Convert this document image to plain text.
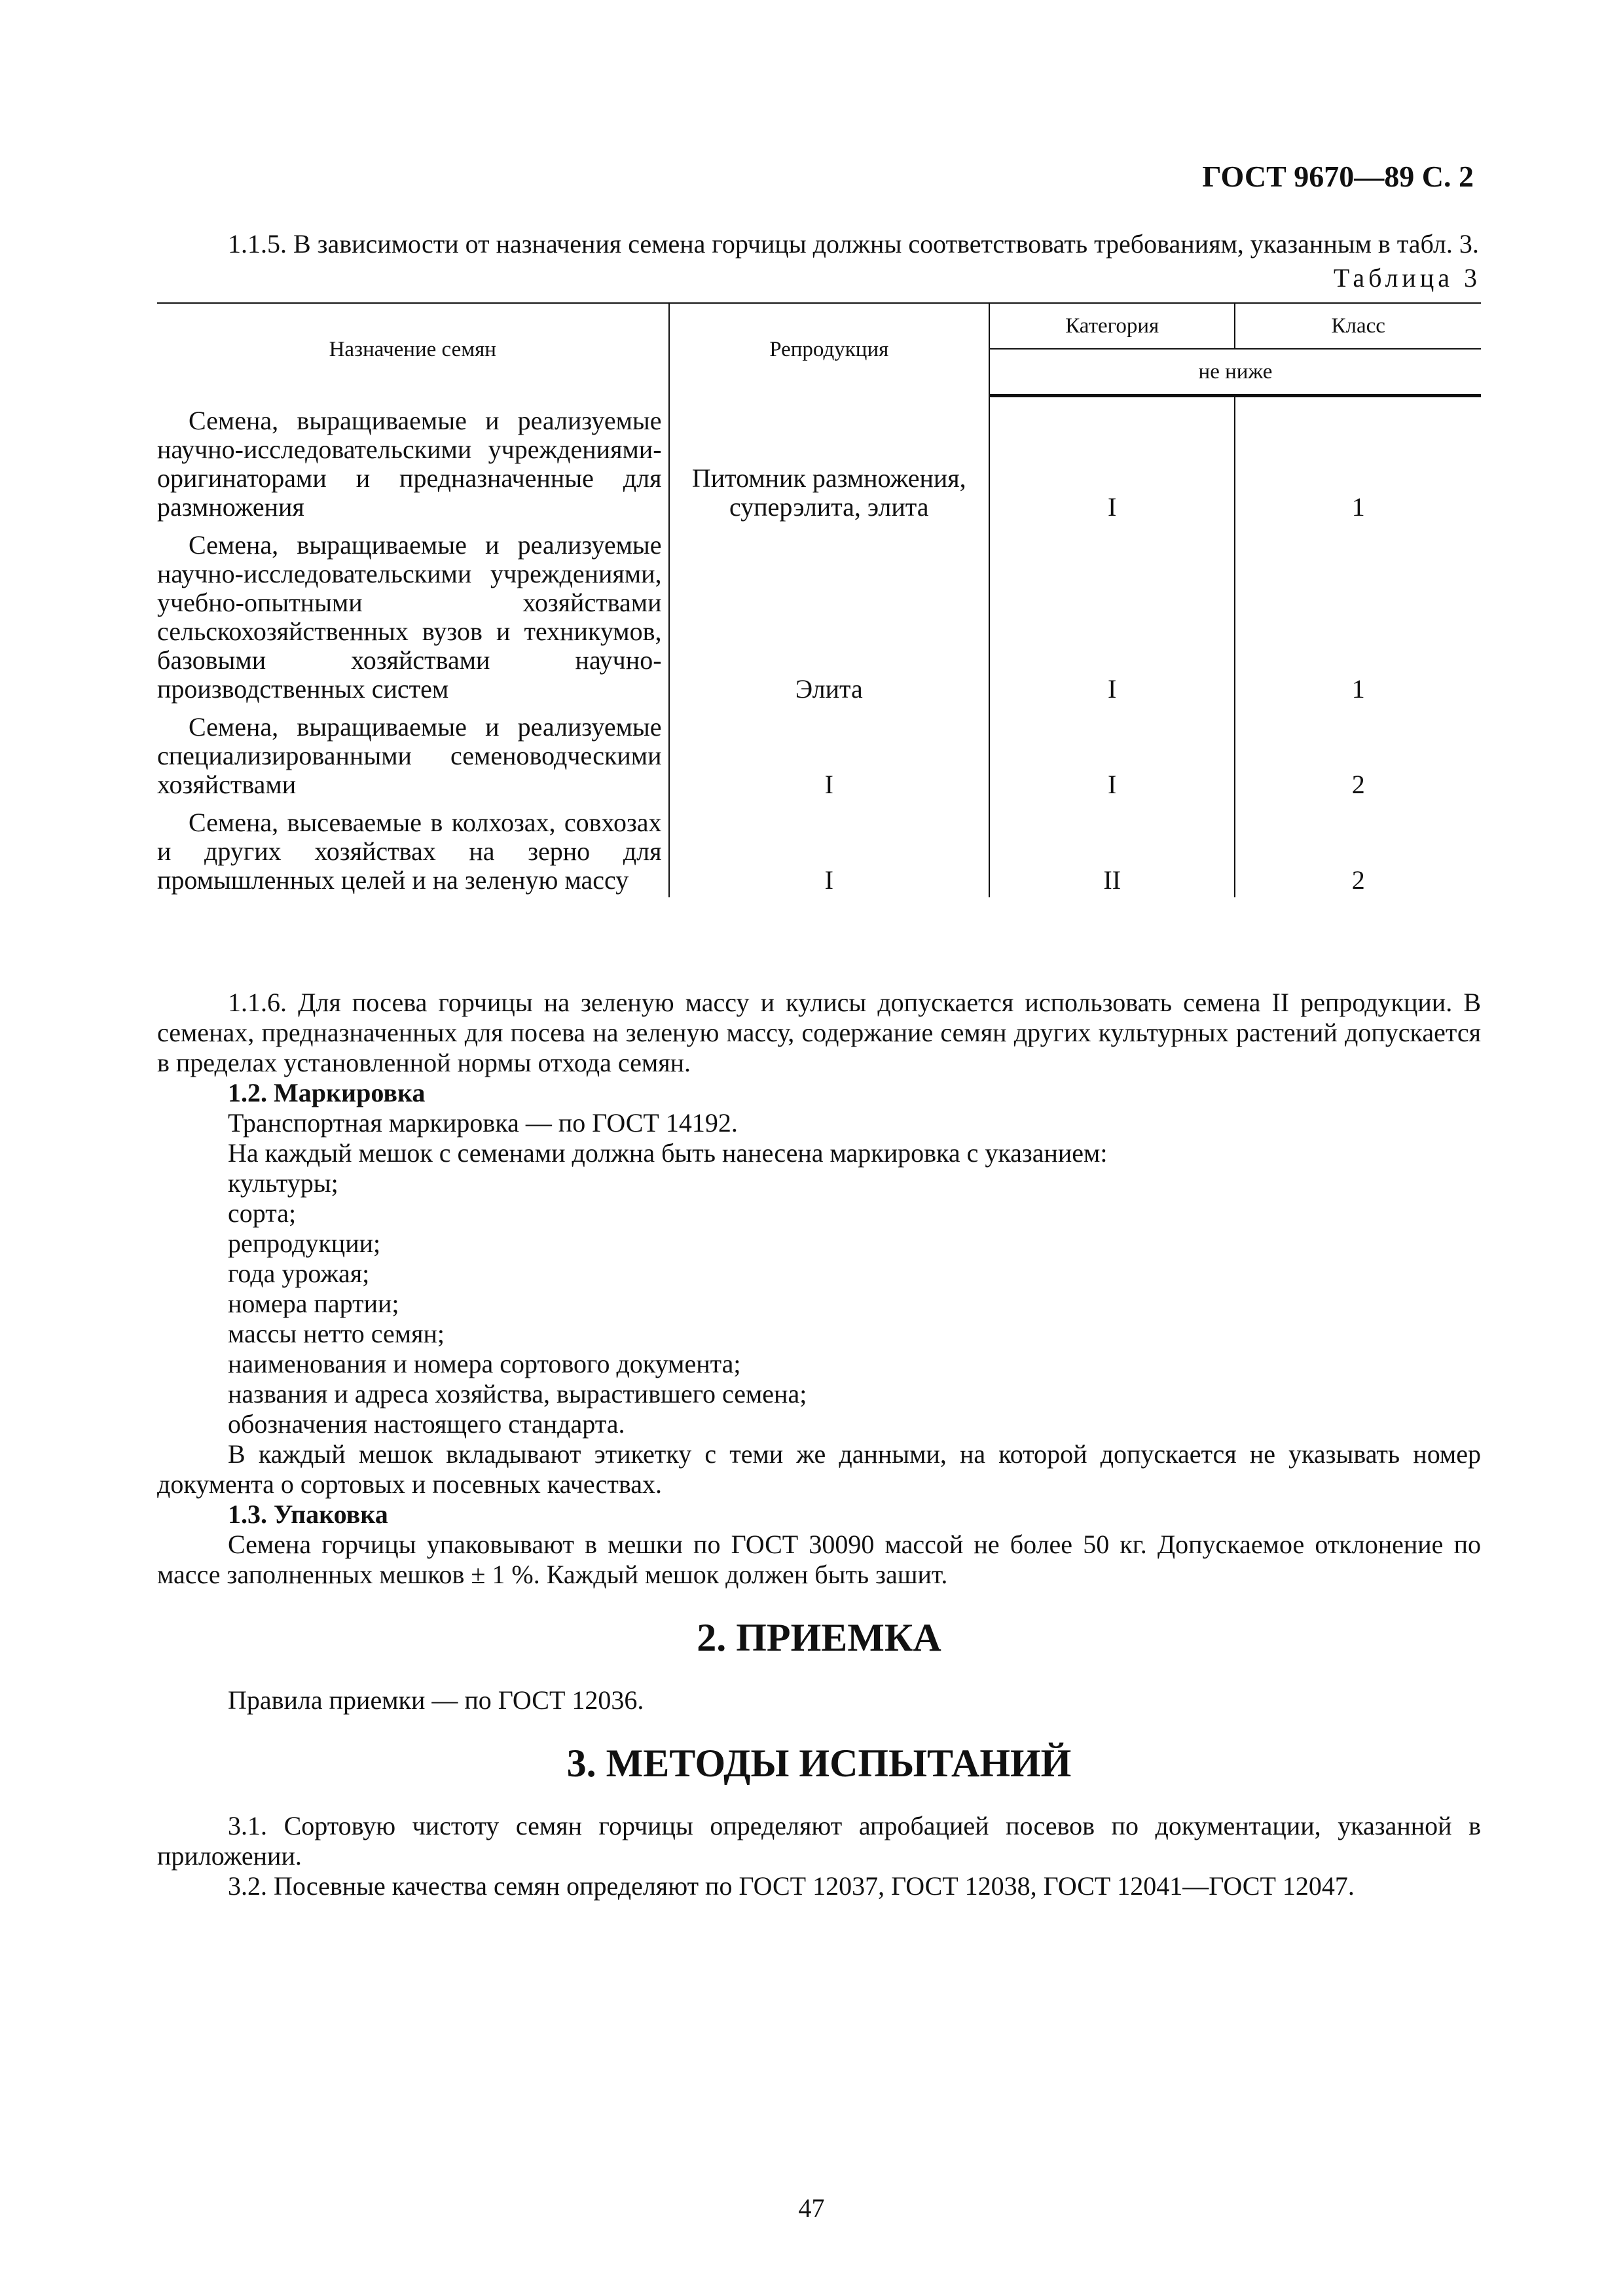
ГОСТ 9670—89 С. 2

1.1.5. В зависимости от назначения семена горчицы должны соответствовать требованиям, указанным в табл. 3.

Таблица 3
Назначение семян	Репродукция	Категория	Класс
		не ниже	
Семена, выращиваемые и реализуемые научно-исследовательскими учреждениями-оригинаторами и предназначенные для размножения	Питомник размножения, суперэлита, элита	I	1
Семена, выращиваемые и реализуемые научно-исследовательскими учреждениями, учебно-опытными хозяйствами сельскохозяйственных вузов и техникумов, базовыми хозяйствами научно-производственных систем	Элита	I	1
Семена, выращиваемые и реализуемые специализированными семеноводческими хозяйствами	I	I	2
Семена, высеваемые в колхозах, совхозах и других хозяйствах на зерно для промышленных целей и на зеленую массу	I	II	2

1.1.6. Для посева горчицы на зеленую массу и кулисы допускается использовать семена II репродукции. В семенах, предназначенных для посева на зеленую массу, содержание семян других культурных растений допускается в пределах установленной нормы отхода семян.

1.2. Маркировка

Транспортная маркировка — по ГОСТ 14192.

На каждый мешок с семенами должна быть нанесена маркировка с указанием:

культуры;

сорта;

репродукции;

года урожая;

номера партии;

массы нетто семян;

наименования и номера сортового документа;

названия и адреса хозяйства, вырастившего семена;

обозначения настоящего стандарта.

В каждый мешок вкладывают этикетку с теми же данными, на которой допускается не указывать номер документа о сортовых и посевных качествах.

1.3. Упаковка

Семена горчицы упаковывают в мешки по ГОСТ 30090 массой не более 50 кг. Допускаемое отклонение по массе заполненных мешков ± 1 %. Каждый мешок должен быть зашит.

2. ПРИЕМКА

Правила приемки — по ГОСТ 12036.

3. МЕТОДЫ ИСПЫТАНИЙ

3.1. Сортовую чистоту семян горчицы определяют апробацией посевов по документации, указанной в приложении.

3.2. Посевные качества семян определяют по ГОСТ 12037, ГОСТ 12038, ГОСТ 12041—ГОСТ 12047.

47
